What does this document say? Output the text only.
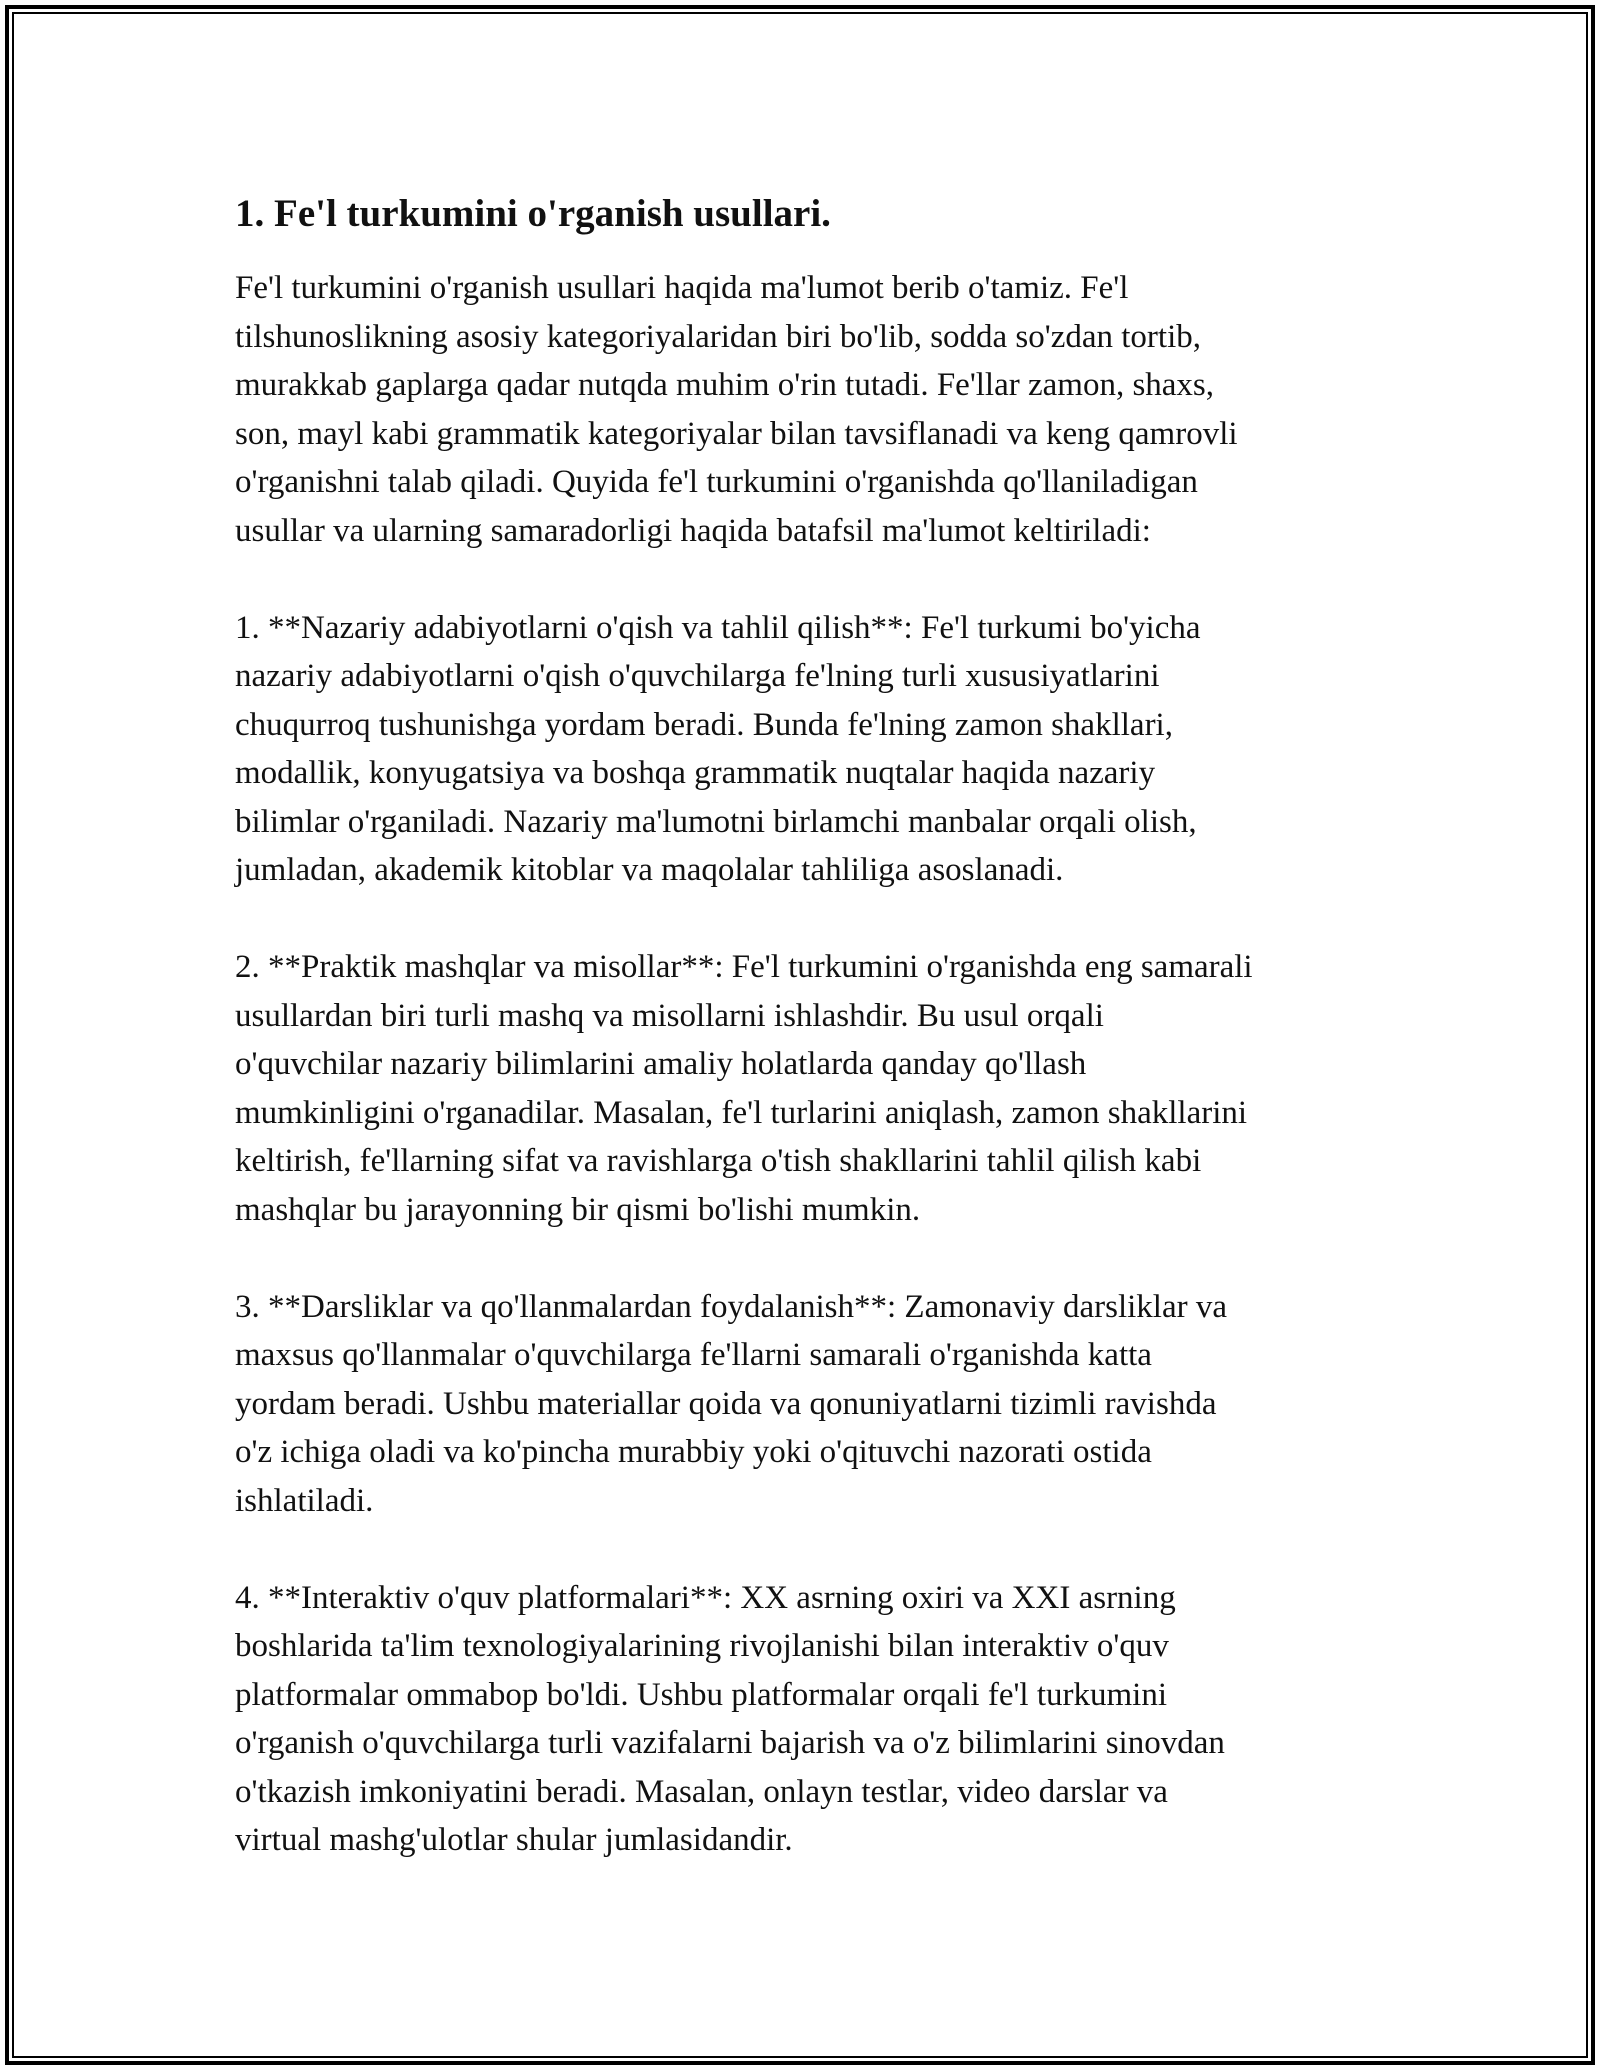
1. Fe'l turkumini o'rganish usullari.

Fe'l turkumini o'rganish usullari haqida ma'lumot berib o'tamiz. Fe'l
tilshunoslikning asosiy kategoriyalaridan biri bo'lib, sodda so'zdan tortib,
murakkab gaplarga qadar nutqda muhim o'rin tutadi. Fe'llar zamon, shaxs,
son, mayl kabi grammatik kategoriyalar bilan tavsiflanadi va keng qamrovli
o'rganishni talab qiladi. Quyida fe'l turkumini o'rganishda qo'llaniladigan
usullar va ularning samaradorligi haqida batafsil ma'lumot keltiriladi:

1. **Nazariy adabiyotlarni o'qish va tahlil qilish**: Fe'l turkumi bo'yicha
nazariy adabiyotlarni o'qish o'quvchilarga fe'lning turli xususiyatlarini
chuqurroq tushunishga yordam beradi. Bunda fe'lning zamon shakllari,
modallik, konyugatsiya va boshqa grammatik nuqtalar haqida nazariy
bilimlar o'rganiladi. Nazariy ma'lumotni birlamchi manbalar orqali olish,
jumladan, akademik kitoblar va maqolalar tahliliga asoslanadi.

2. **Praktik mashqlar va misollar**: Fe'l turkumini o'rganishda eng samarali
usullardan biri turli mashq va misollarni ishlashdir. Bu usul orqali
o'quvchilar nazariy bilimlarini amaliy holatlarda qanday qo'llash
mumkinligini o'rganadilar. Masalan, fe'l turlarini aniqlash, zamon shakllarini
keltirish, fe'llarning sifat va ravishlarga o'tish shakllarini tahlil qilish kabi
mashqlar bu jarayonning bir qismi bo'lishi mumkin.

3. **Darsliklar va qo'llanmalardan foydalanish**: Zamonaviy darsliklar va
maxsus qo'llanmalar o'quvchilarga fe'llarni samarali o'rganishda katta
yordam beradi. Ushbu materiallar qoida va qonuniyatlarni tizimli ravishda
o'z ichiga oladi va ko'pincha murabbiy yoki o'qituvchi nazorati ostida
ishlatiladi.

4. **Interaktiv o'quv platformalari**: XX asrning oxiri va XXI asrning
boshlarida ta'lim texnologiyalarining rivojlanishi bilan interaktiv o'quv
platformalar ommabop bo'ldi. Ushbu platformalar orqali fe'l turkumini
o'rganish o'quvchilarga turli vazifalarni bajarish va o'z bilimlarini sinovdan
o'tkazish imkoniyatini beradi. Masalan, onlayn testlar, video darslar va
virtual mashg'ulotlar shular jumlasidandir.
